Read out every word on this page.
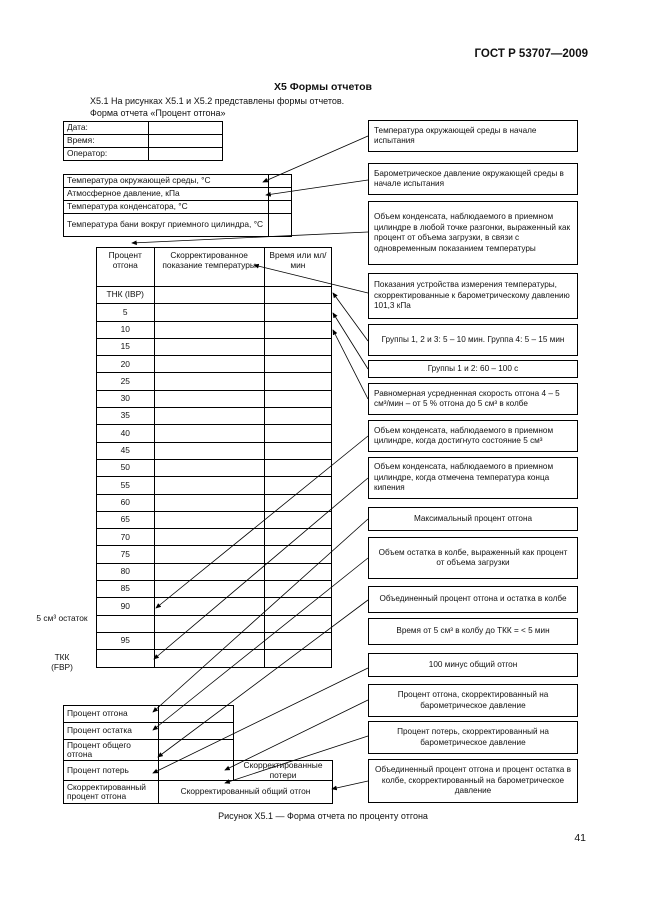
ГОСТ Р 53707—2009
Х5 Формы отчетов
Х5.1 На рисунках Х5.1 и Х5.2 представлены формы отчетов.
Форма отчета «Процент отгона»
Дата:	
Время:	
Оператор:	
Температура окружающей среды, °С	
Атмосферное давление, кПа	
Температура конденсатора, °С	
Температура бани вокруг приемного цилиндра, °С	
Процент отгона	Скорректированное показание температуры	Время или мл/мин
ТНК (IBP)		
5		
10		
15		
20		
25		
30		
35		
40		
45		
50		
55		
60		
65		
70		
75		
80		
85		
90		

95		

5 см³ остаток
ТКК (FBP)
Процент отгона		
Процент остатка		
Процент общего отгона		
Процент потерь		Скорректированные потери
Скорректированный процент отгона	Скорректированный общий отгон	
Температура окружающей среды в начале испытания
Барометрическое давление окружающей среды в начале испытания
Объем конденсата, наблюдаемого в приемном цилиндре в любой точке разгонки, выраженный как процент от объема загрузки, в связи с одновременным показанием температуры
Показания устройства измерения температуры, скорректированные к барометрическому давлению 101,3 кПа
Группы 1, 2 и 3: 5 – 10 мин. Группа 4: 5 – 15 мин
Группы 1 и 2: 60 – 100 с
Равномерная усредненная скорость отгона 4 – 5 см³/мин – от 5 % отгона до 5 см³ в колбе
Объем конденсата, наблюдаемого в приемном цилиндре, когда достигнуто состояние 5 см³
Объем конденсата, наблюдаемого в приемном цилиндре, когда отмечена температура конца кипения
Максимальный процент отгона
Объем остатка в колбе, выраженный как процент от объема загрузки
Объединенный процент отгона и остатка в колбе
Время от 5 см³ в колбу до ТКК = < 5 мин
100 минус общий отгон
Процент отгона, скорректированный на барометрическое давление
Процент потерь, скорректированный на барометрическое давление
Объединенный процент отгона и процент остатка в колбе, скорректированный на барометрическое давление
Рисунок Х5.1 — Форма отчета по проценту отгона
41
